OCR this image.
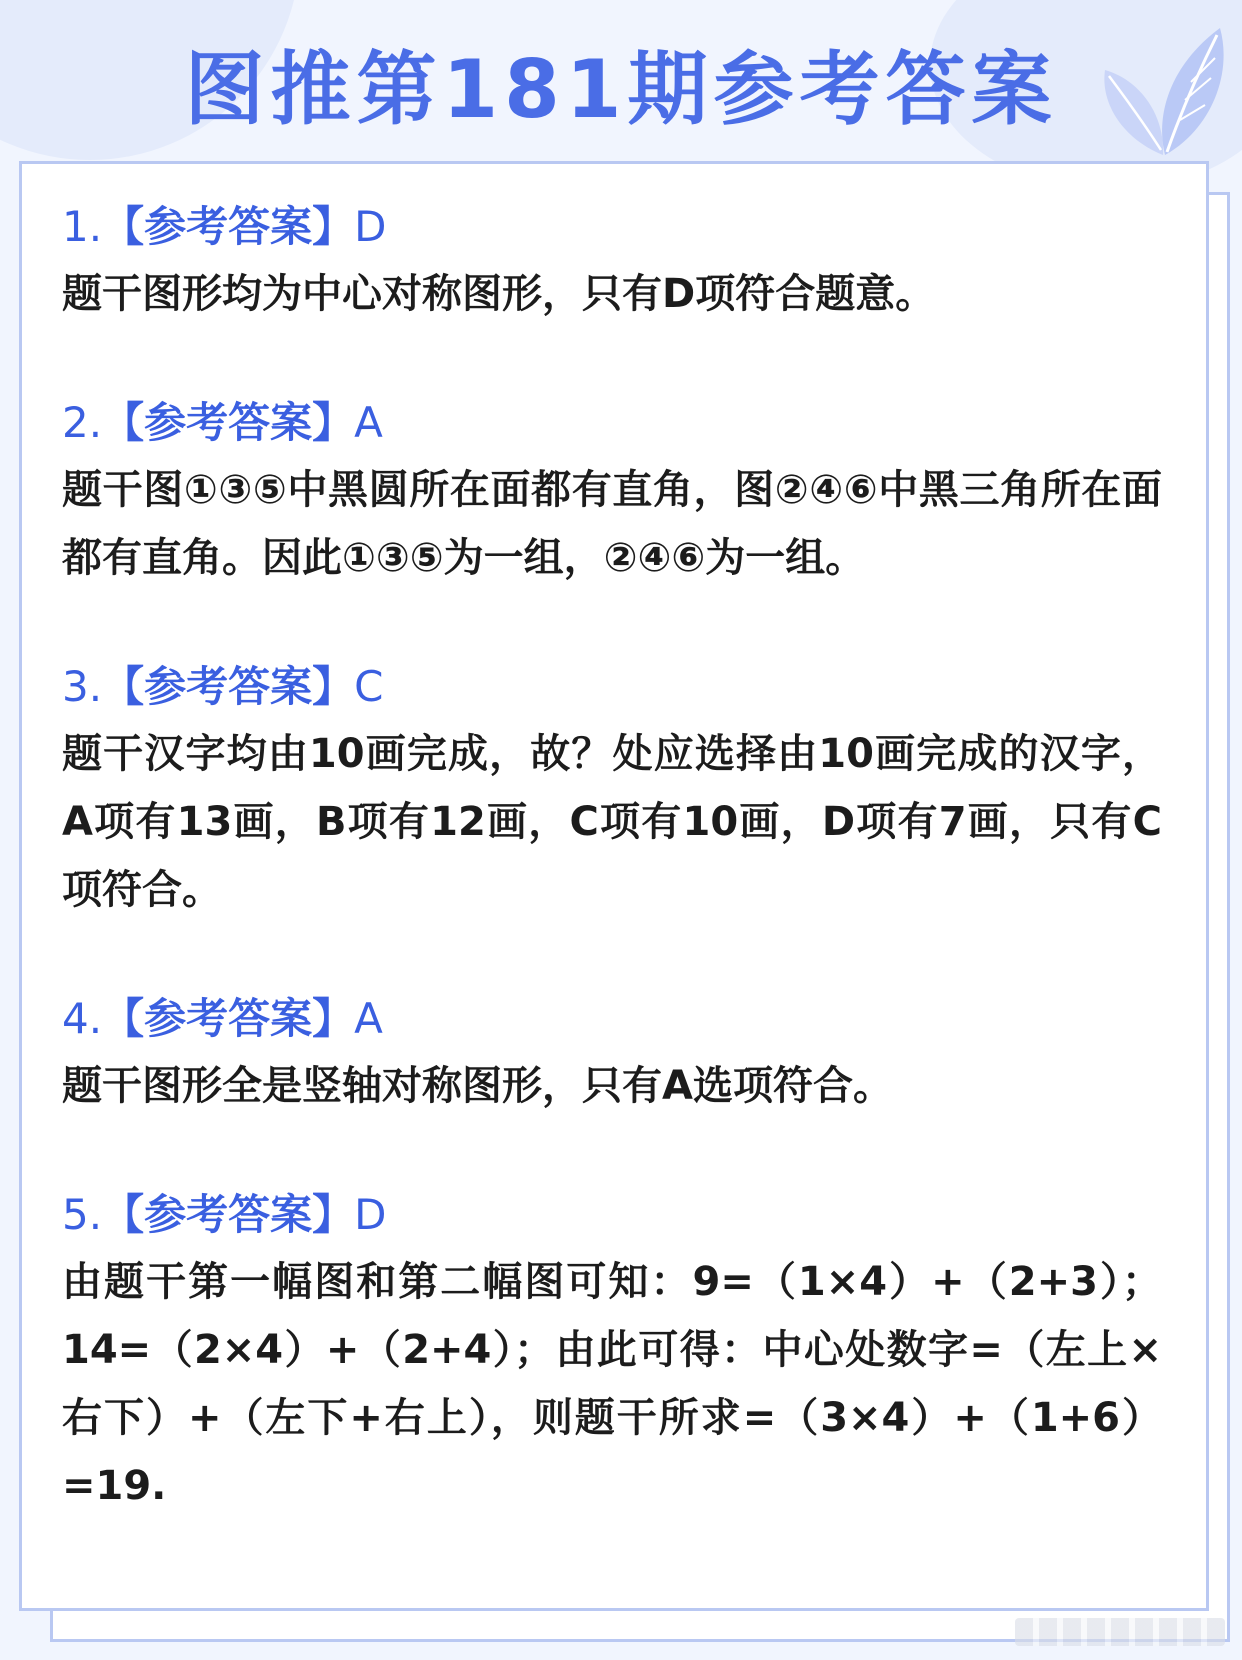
图推第181期参考答案
1.【参考答案】D

题干图形均为中心对称图形，只有D项符合题意。

2.【参考答案】A

题干图①③⑤中黑圆所在面都有直角，图②④⑥中黑三角所在面都有直角。因此①③⑤为一组，②④⑥为一组。

3.【参考答案】C

题干汉字均由10画完成，故？处应选择由10画完成的汉字，A项有13画，B项有12画，C项有10画，D项有7画，只有C项符合。

4.【参考答案】A

题干图形全是竖轴对称图形，只有A选项符合。

5.【参考答案】D

由题干第一幅图和第二幅图可知：9=（1×4）+（2+3）；14=（2×4）+（2+4）；由此可得：中心处数字=（左上×右下）+（左下+右上），则题干所求=（3×4）+（1+6）=19.
